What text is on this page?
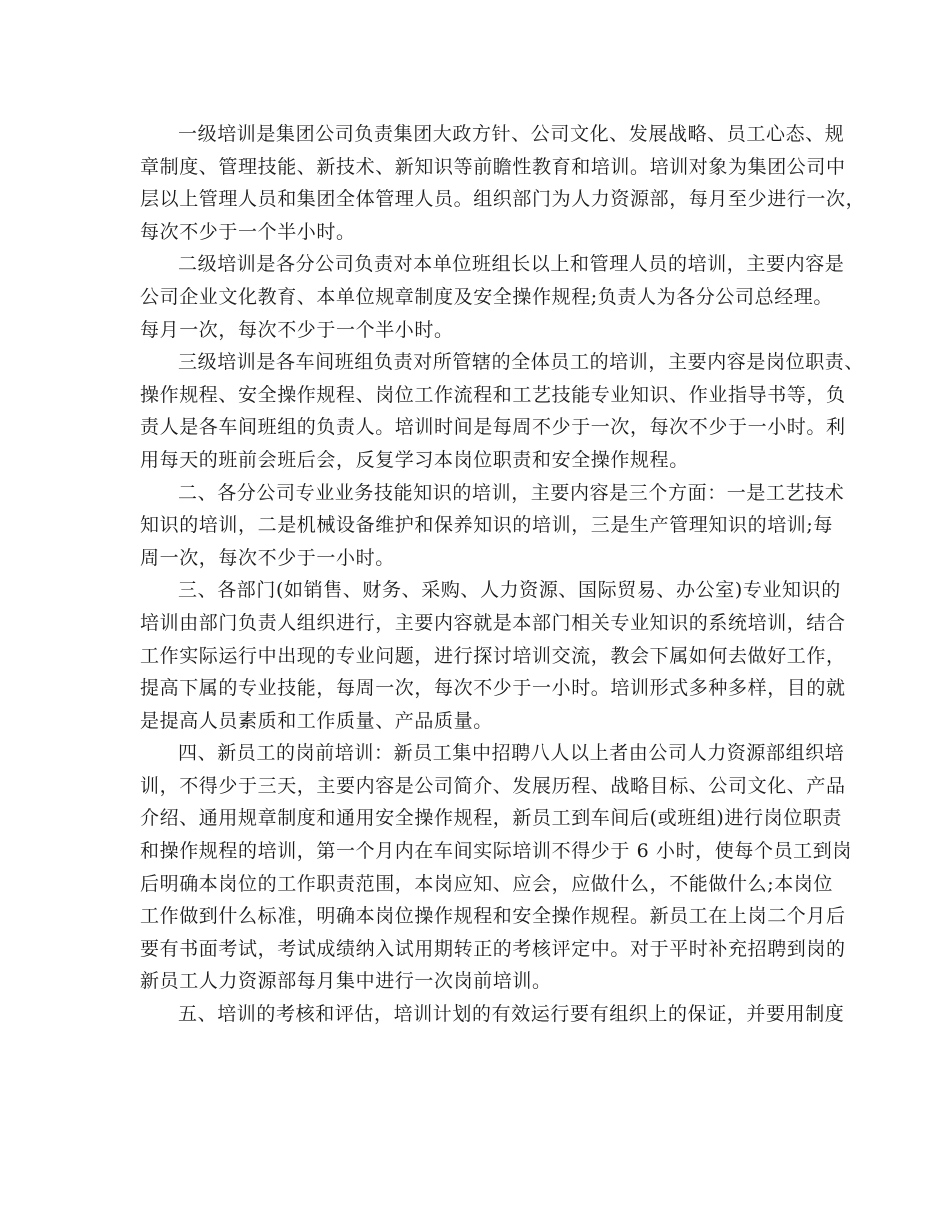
一级培训是集团公司负责集团大政方针、公司文化、发展战略、员工心态、规
章制度、管理技能、新技术、新知识等前瞻性教育和培训。培训对象为集团公司中
层以上管理人员和集团全体管理人员。组织部门为人力资源部，每月至少进行一次，
每次不少于一个半小时。
二级培训是各分公司负责对本单位班组长以上和管理人员的培训，主要内容是
公司企业文化教育、本单位规章制度及安全操作规程;负责人为各分公司总经理。
每月一次，每次不少于一个半小时。
三级培训是各车间班组负责对所管辖的全体员工的培训，主要内容是岗位职责、
操作规程、安全操作规程、岗位工作流程和工艺技能专业知识、作业指导书等，负
责人是各车间班组的负责人。培训时间是每周不少于一次，每次不少于一小时。利
用每天的班前会班后会，反复学习本岗位职责和安全操作规程。
二、各分公司专业业务技能知识的培训，主要内容是三个方面：一是工艺技术
知识的培训，二是机械设备维护和保养知识的培训，三是生产管理知识的培训;每
周一次，每次不少于一小时。
三、各部门(如销售、财务、采购、人力资源、国际贸易、办公室)专业知识的
培训由部门负责人组织进行，主要内容就是本部门相关专业知识的系统培训，结合
工作实际运行中出现的专业问题，进行探讨培训交流，教会下属如何去做好工作，
提高下属的专业技能，每周一次，每次不少于一小时。培训形式多种多样，目的就
是提高人员素质和工作质量、产品质量。
四、新员工的岗前培训：新员工集中招聘八人以上者由公司人力资源部组织培
训，不得少于三天，主要内容是公司简介、发展历程、战略目标、公司文化、产品
介绍、通用规章制度和通用安全操作规程，新员工到车间后(或班组)进行岗位职责
和操作规程的培训，第一个月内在车间实际培训不得少于 6 小时，使每个员工到岗
后明确本岗位的工作职责范围，本岗应知、应会，应做什么，不能做什么;本岗位
工作做到什么标准，明确本岗位操作规程和安全操作规程。新员工在上岗二个月后
要有书面考试，考试成绩纳入试用期转正的考核评定中。对于平时补充招聘到岗的
新员工人力资源部每月集中进行一次岗前培训。
五、培训的考核和评估，培训计划的有效运行要有组织上的保证，并要用制度
